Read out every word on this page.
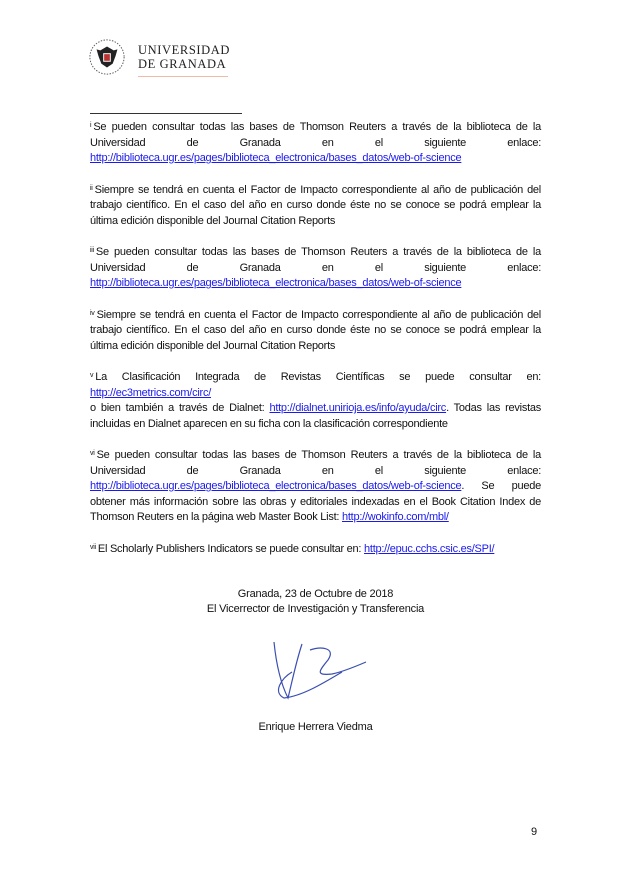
UNIVERSIDAD
DE GRANADA

$^i$ Se pueden consultar todas las bases de Thomson Reuters a través de la biblioteca de la Universidad de Granada en el siguiente enlace: http://biblioteca.ugr.es/pages/biblioteca_electronica/bases_datos/web-of-science

$^{ii}$ Siempre se tendrá en cuenta el Factor de Impacto correspondiente al año de publicación del trabajo científico. En el caso del año en curso donde éste no se conoce se podrá emplear la última edición disponible del Journal Citation Reports

$^{iii}$ Se pueden consultar todas las bases de Thomson Reuters a través de la biblioteca de la Universidad de Granada en el siguiente enlace: http://biblioteca.ugr.es/pages/biblioteca_electronica/bases_datos/web-of-science

$^{iv}$ Siempre se tendrá en cuenta el Factor de Impacto correspondiente al año de publicación del trabajo científico. En el caso del año en curso donde éste no se conoce se podrá emplear la última edición disponible del Journal Citation Reports

$^v$ La Clasificación Integrada de Revistas Científicas se puede consultar en: http://ec3metrics.com/circ/
o bien también a través de Dialnet: http://dialnet.unirioja.es/info/ayuda/circ. Todas las revistas incluidas en Dialnet aparecen en su ficha con la clasificación correspondiente

$^{vi}$ Se pueden consultar todas las bases de Thomson Reuters a través de la biblioteca de la Universidad de Granada en el siguiente enlace: http://biblioteca.ugr.es/pages/biblioteca_electronica/bases_datos/web-of-science. Se puede obtener más información sobre las obras y editoriales indexadas en el Book Citation Index de Thomson Reuters en la página web Master Book List: http://wokinfo.com/mbl/

$^{vii}$ El Scholarly Publishers Indicators se puede consultar en: http://epuc.cchs.csic.es/SPI/

Granada, 23 de Octubre de 2018
El Vicerrector de Investigación y Transferencia
Enrique Herrera Viedma
9
